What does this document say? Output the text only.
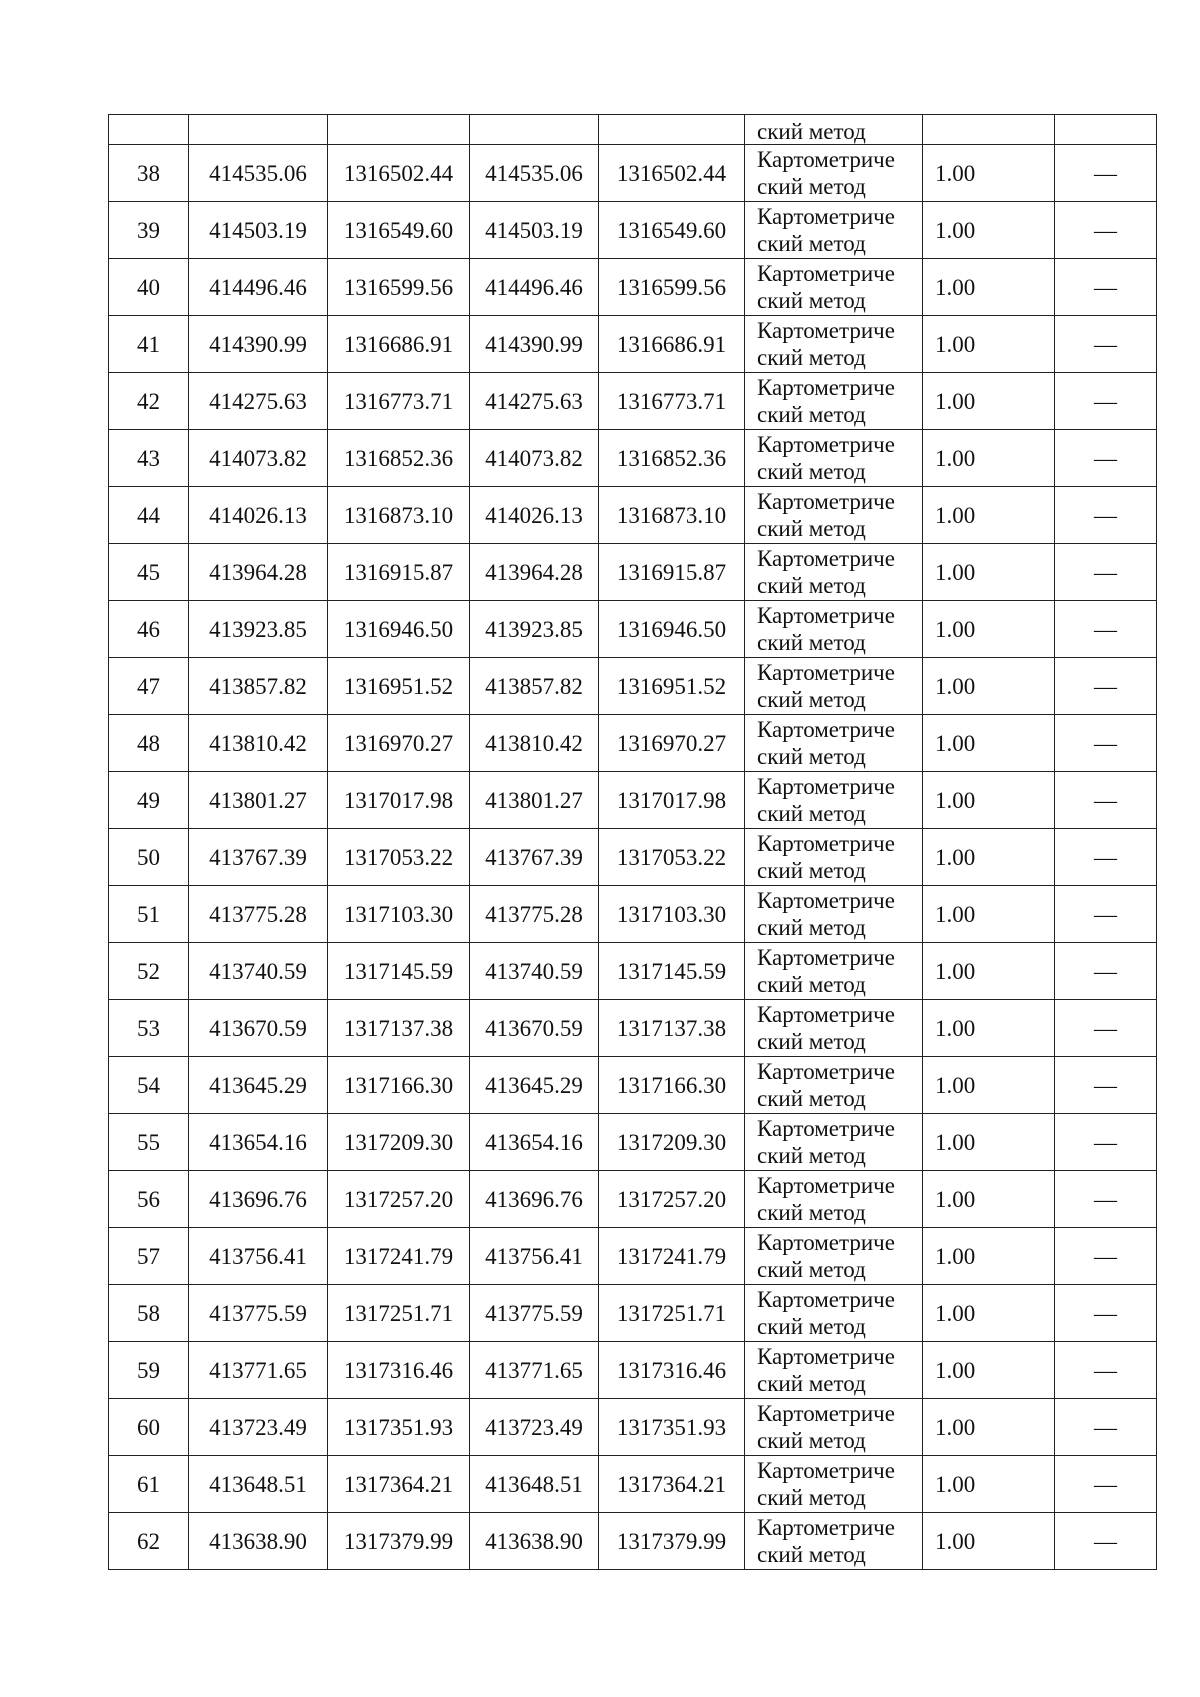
					ский метод		

38	414535.06	1316502.44	414535.06	1316502.44	Картометриче
ский метод	1.00	—
39	414503.19	1316549.60	414503.19	1316549.60	Картометриче
ский метод	1.00	—
40	414496.46	1316599.56	414496.46	1316599.56	Картометриче
ский метод	1.00	—
41	414390.99	1316686.91	414390.99	1316686.91	Картометриче
ский метод	1.00	—
42	414275.63	1316773.71	414275.63	1316773.71	Картометриче
ский метод	1.00	—
43	414073.82	1316852.36	414073.82	1316852.36	Картометриче
ский метод	1.00	—
44	414026.13	1316873.10	414026.13	1316873.10	Картометриче
ский метод	1.00	—
45	413964.28	1316915.87	413964.28	1316915.87	Картометриче
ский метод	1.00	—
46	413923.85	1316946.50	413923.85	1316946.50	Картометриче
ский метод	1.00	—
47	413857.82	1316951.52	413857.82	1316951.52	Картометриче
ский метод	1.00	—
48	413810.42	1316970.27	413810.42	1316970.27	Картометриче
ский метод	1.00	—
49	413801.27	1317017.98	413801.27	1317017.98	Картометриче
ский метод	1.00	—
50	413767.39	1317053.22	413767.39	1317053.22	Картометриче
ский метод	1.00	—
51	413775.28	1317103.30	413775.28	1317103.30	Картометриче
ский метод	1.00	—
52	413740.59	1317145.59	413740.59	1317145.59	Картометриче
ский метод	1.00	—
53	413670.59	1317137.38	413670.59	1317137.38	Картометриче
ский метод	1.00	—
54	413645.29	1317166.30	413645.29	1317166.30	Картометриче
ский метод	1.00	—
55	413654.16	1317209.30	413654.16	1317209.30	Картометриче
ский метод	1.00	—
56	413696.76	1317257.20	413696.76	1317257.20	Картометриче
ский метод	1.00	—
57	413756.41	1317241.79	413756.41	1317241.79	Картометриче
ский метод	1.00	—
58	413775.59	1317251.71	413775.59	1317251.71	Картометриче
ский метод	1.00	—
59	413771.65	1317316.46	413771.65	1317316.46	Картометриче
ский метод	1.00	—
60	413723.49	1317351.93	413723.49	1317351.93	Картометриче
ский метод	1.00	—
61	413648.51	1317364.21	413648.51	1317364.21	Картометриче
ский метод	1.00	—
62	413638.90	1317379.99	413638.90	1317379.99	Картометриче
ский метод	1.00	—
